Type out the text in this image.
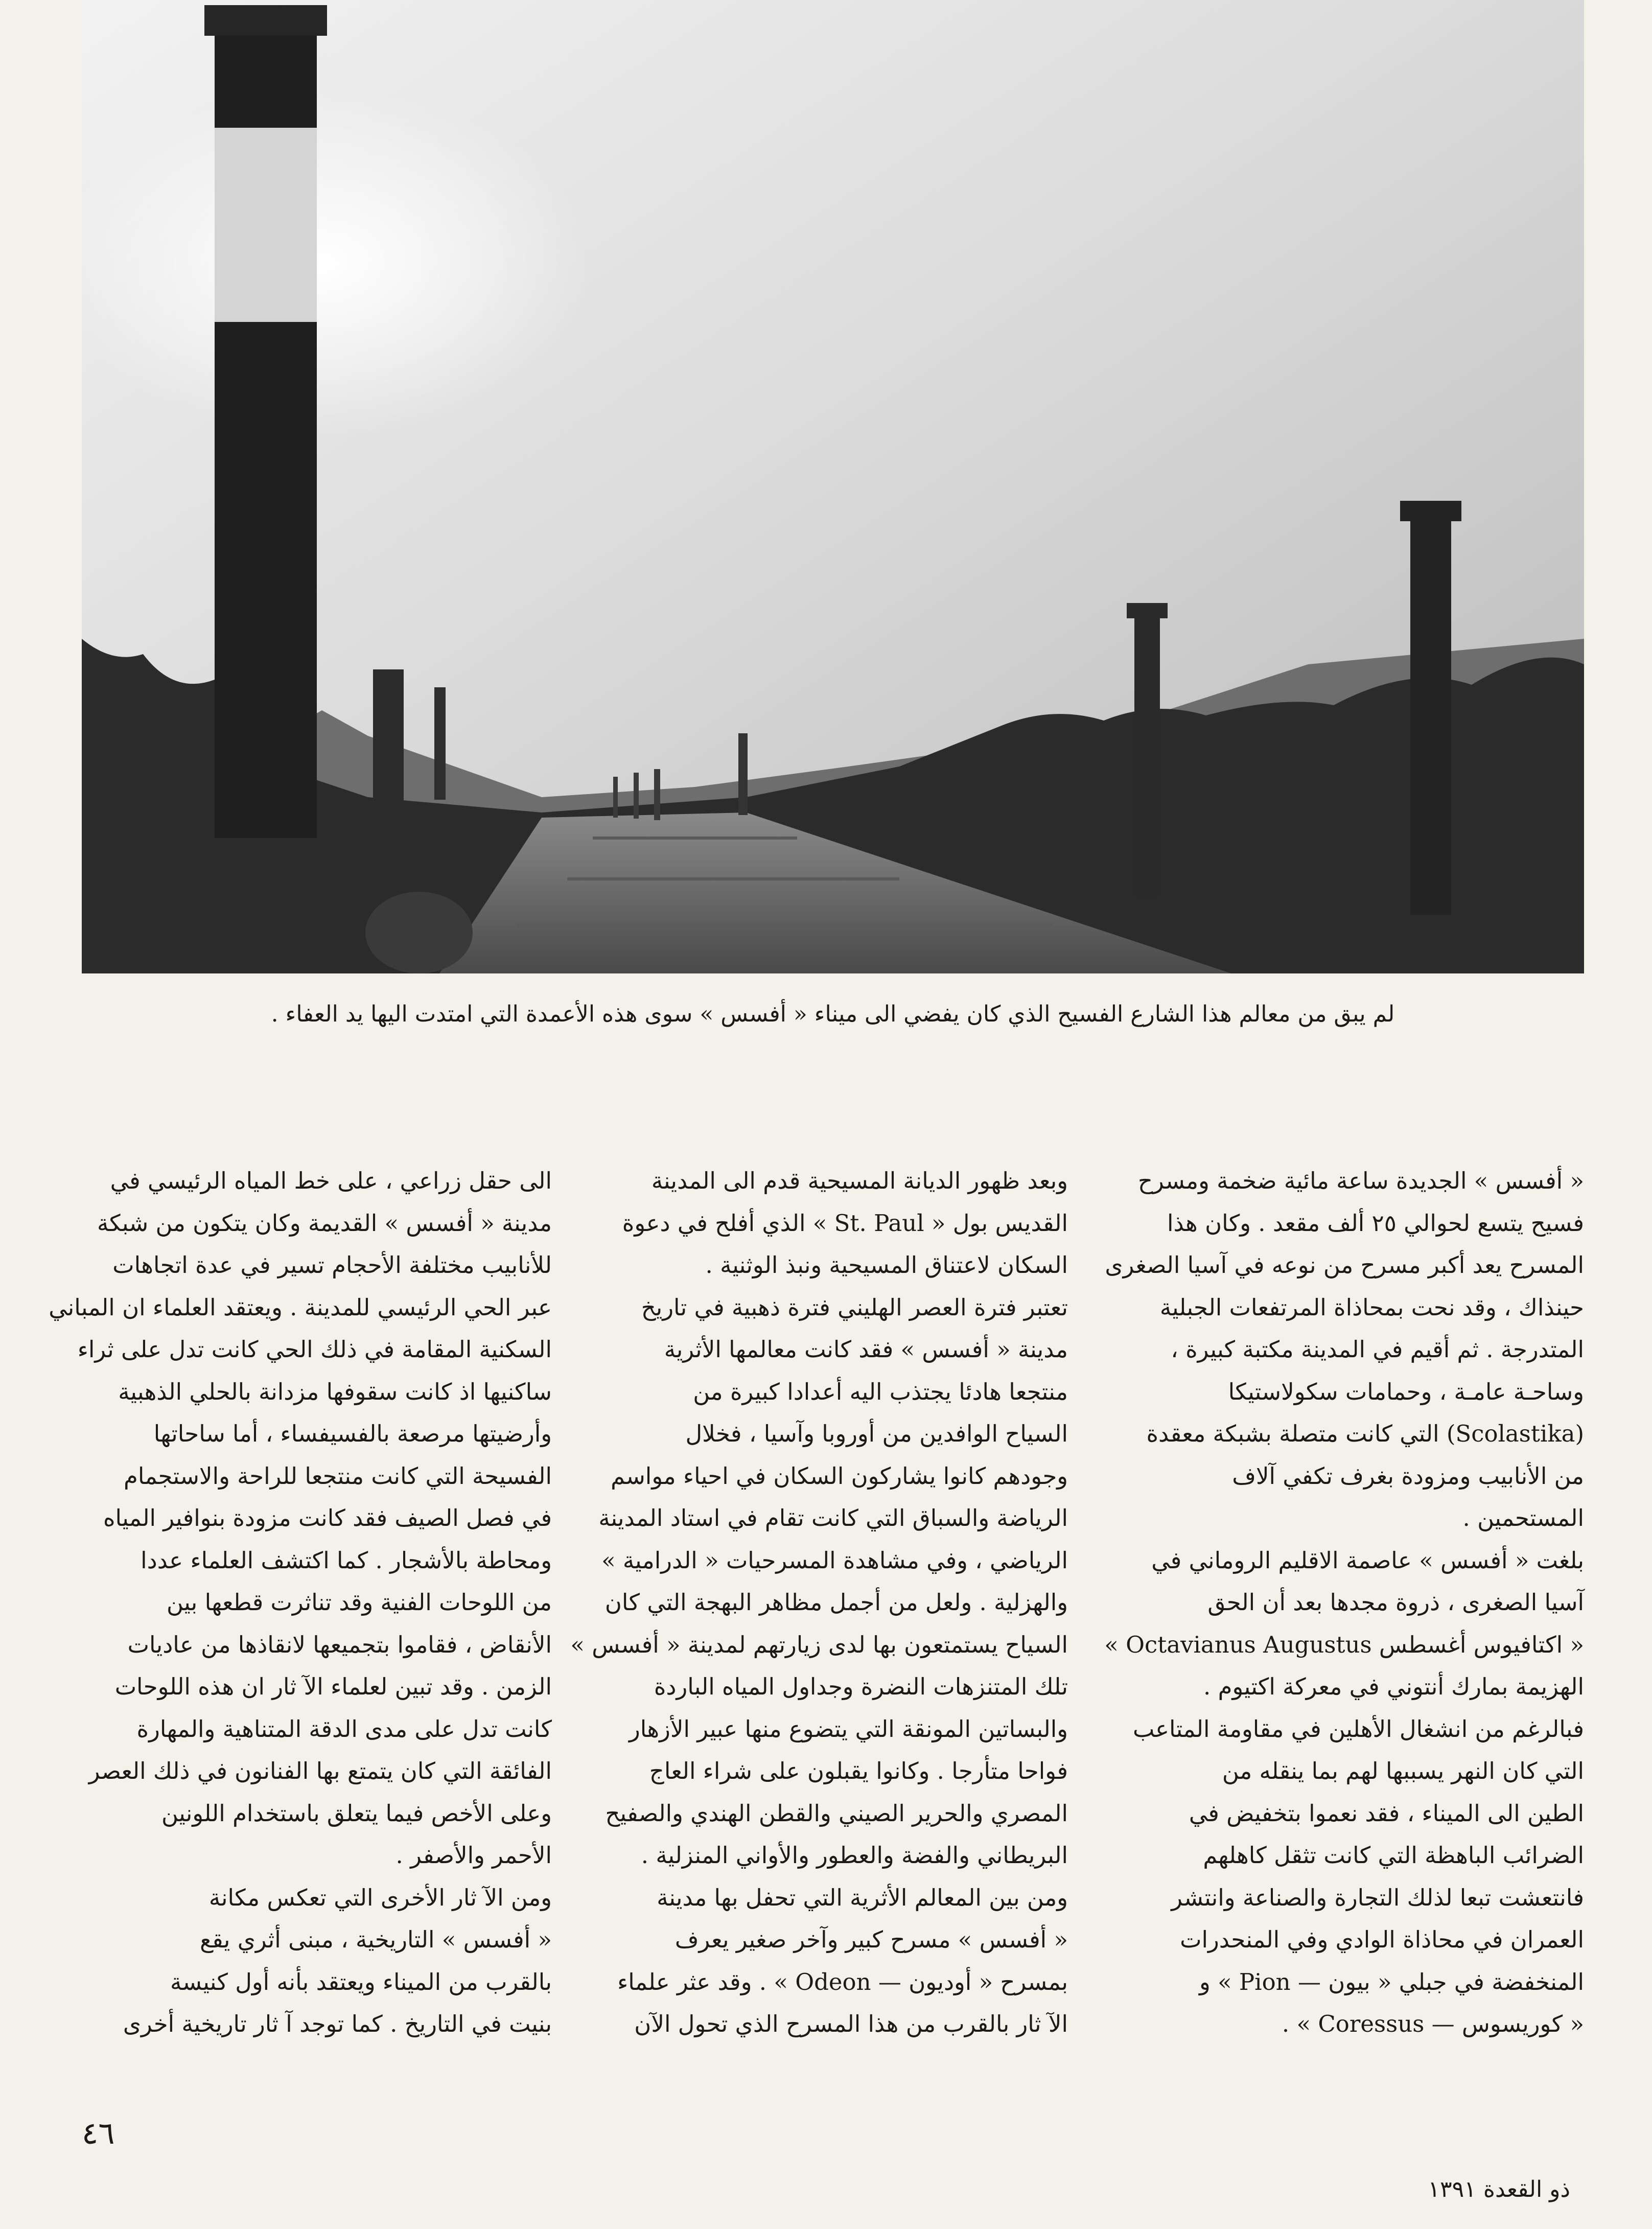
لم يبق من معالم هذا الشارع الفسيح الذي كان يفضي الى ميناء « أفسس » سوى هذه الأعمدة التي امتدت اليها يد العفاء .
« أفسس » الجديدة ساعة مائية ضخمة ومسرح
فسيح يتسع لحوالي ٢٥ ألف مقعد . وكان هذا
المسرح يعد أكبر مسرح من نوعه في آسيا الصغرى
حينذاك ، وقد نحت بمحاذاة المرتفعات الجبلية
المتدرجة . ثم أقيم في المدينة مكتبة كبيرة ،
وساحـة عامـة ، وحمامات سكولاستيكا
(Scolastika) التي كانت متصلة بشبكة معقدة
من الأنابيب ومزودة بغرف تكفي آلاف
المستحمين .
بلغت « أفسس » عاصمة الاقليم الروماني في
آسيا الصغرى ، ذروة مجدها بعد أن الحق
« اكتافيوس أغسطس Octavianus Augustus »
الهزيمة بمارك أنتوني في معركة اكتيوم .
فبالرغم من انشغال الأهلين في مقاومة المتاعب
التي كان النهر يسببها لهم بما ينقله من
الطين الى الميناء ، فقد نعموا بتخفيض في
الضرائب الباهظة التي كانت تثقل كاهلهم
فانتعشت تبعا لذلك التجارة والصناعة وانتشر
العمران في محاذاة الوادي وفي المنحدرات
المنخفضة في جبلي « بيون — Pion » و
« كوريسوس — Coressus » .
وبعد ظهور الديانة المسيحية قدم الى المدينة
القديس بول « St. Paul » الذي أفلح في دعوة
السكان لاعتناق المسيحية ونبذ الوثنية .
تعتبر فترة العصر الهليني فترة ذهبية في تاريخ
مدينة « أفسس » فقد كانت معالمها الأثرية
منتجعا هادئا يجتذب اليه أعدادا كبيرة من
السياح الوافدين من أوروبا وآسيا ، فخلال
وجودهم كانوا يشاركون السكان في احياء مواسم
الرياضة والسباق التي كانت تقام في استاد المدينة
الرياضي ، وفي مشاهدة المسرحيات « الدرامية »
والهزلية . ولعل من أجمل مظاهر البهجة التي كان
السياح يستمتعون بها لدى زيارتهم لمدينة « أفسس »
تلك المتنزهات النضرة وجداول المياه الباردة
والبساتين المونقة التي يتضوع منها عبير الأزهار
فواحا متأرجا . وكانوا يقبلون على شراء العاج
المصري والحرير الصيني والقطن الهندي والصفيح
البريطاني والفضة والعطور والأواني المنزلية .
ومن بين المعالم الأثرية التي تحفل بها مدينة
« أفسس » مسرح كبير وآخر صغير يعرف
بمسرح « أوديون — Odeon » . وقد عثر علماء
الآ ثار بالقرب من هذا المسرح الذي تحول الآن
الى حقل زراعي ، على خط المياه الرئيسي في
مدينة « أفسس » القديمة وكان يتكون من شبكة
للأنابيب مختلفة الأحجام تسير في عدة اتجاهات
عبر الحي الرئيسي للمدينة . ويعتقد العلماء ان المباني
السكنية المقامة في ذلك الحي كانت تدل على ثراء
ساكنيها اذ كانت سقوفها مزدانة بالحلي الذهبية
وأرضيتها مرصعة بالفسيفساء ، أما ساحاتها
الفسيحة التي كانت منتجعا للراحة والاستجمام
في فصل الصيف فقد كانت مزودة بنوافير المياه
ومحاطة بالأشجار . كما اكتشف العلماء عددا
من اللوحات الفنية وقد تناثرت قطعها بين
الأنقاض ، فقاموا بتجميعها لانقاذها من عاديات
الزمن . وقد تبين لعلماء الآ ثار ان هذه اللوحات
كانت تدل على مدى الدقة المتناهية والمهارة
الفائقة التي كان يتمتع بها الفنانون في ذلك العصر
وعلى الأخص فيما يتعلق باستخدام اللونين
الأحمر والأصفر .
ومن الآ ثار الأخرى التي تعكس مكانة
« أفسس » التاريخية ، مبنى أثري يقع
بالقرب من الميناء ويعتقد بأنه أول كنيسة
بنيت في التاريخ . كما توجد آ ثار تاريخية أخرى
٤٦
ذو القعدة ١٣٩١
